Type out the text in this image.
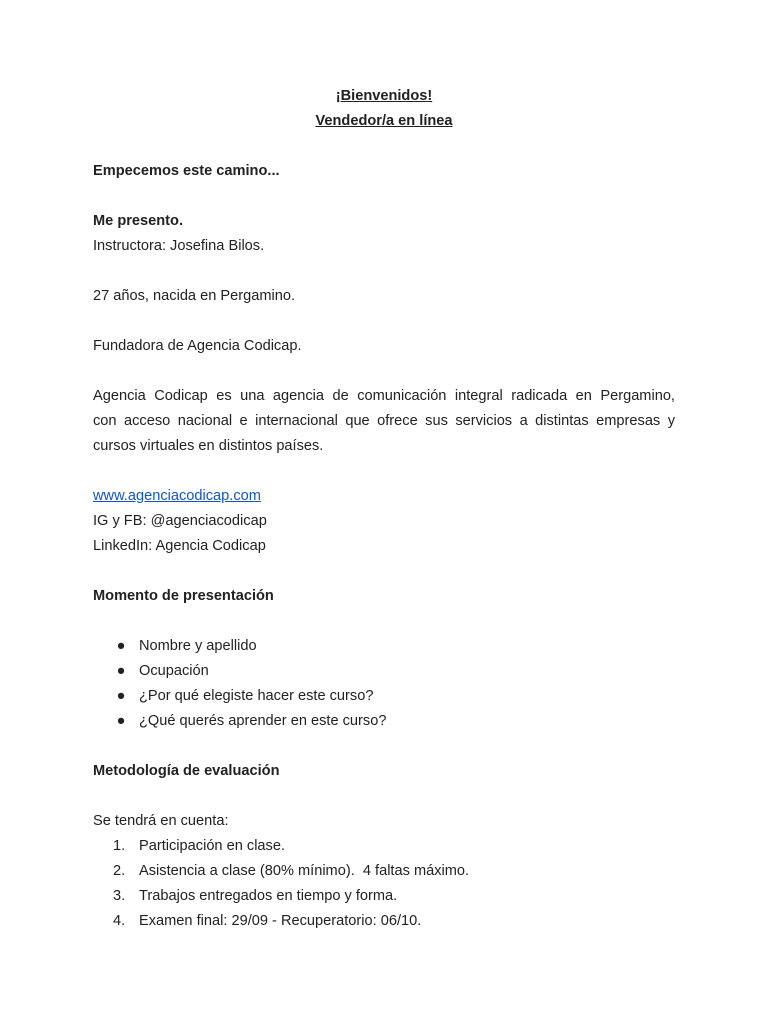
¡Bienvenidos!
Vendedor/a en línea
Empecemos este camino...
Me presento.
Instructora: Josefina Bilos.
27 años, nacida en Pergamino.
Fundadora de Agencia Codicap.
Agencia Codicap es una agencia de comunicación integral radicada en Pergamino,
con acceso nacional e internacional que ofrece sus servicios a distintas empresas y
cursos virtuales en distintos países.
www.agenciacodicap.com
IG y FB: @agenciacodicap
LinkedIn: Agencia Codicap
Momento de presentación
● Nombre y apellido
● Ocupación
● ¿Por qué elegiste hacer este curso?
● ¿Qué querés aprender en este curso?
Metodología de evaluación
Se tendrá en cuenta:
1. Participación en clase.
2. Asistencia a clase (80% mínimo).  4 faltas máximo.
3. Trabajos entregados en tiempo y forma.
4. Examen final: 29/09 - Recuperatorio: 06/10.
